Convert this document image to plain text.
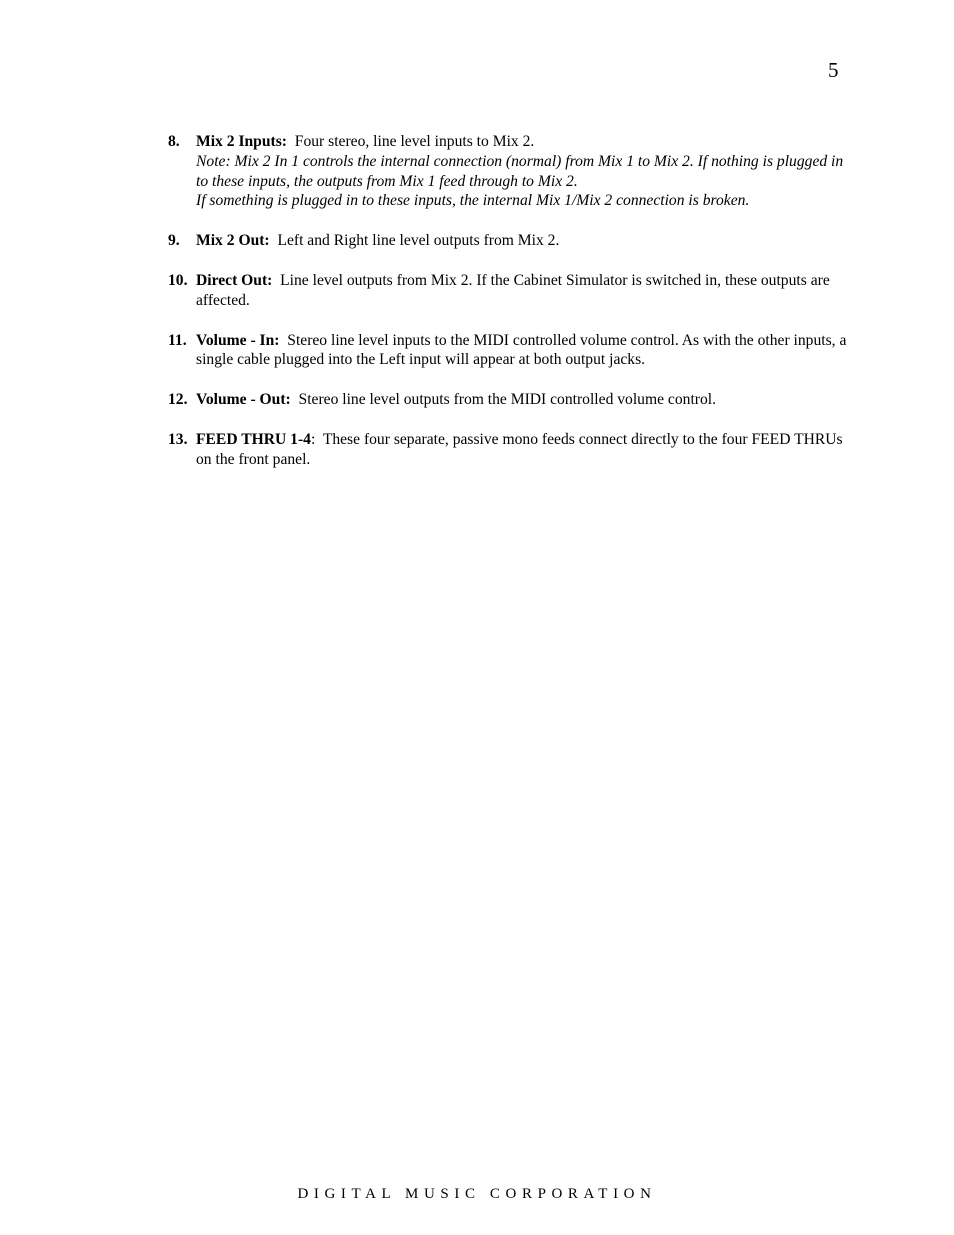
5
8. Mix 2 Inputs: Four stereo, line level inputs to Mix 2.
Note: Mix 2 In 1 controls the internal connection (normal) from Mix 1 to Mix 2. If nothing is plugged in to these inputs, the outputs from Mix 1 feed through to Mix 2.
If something is plugged in to these inputs, the internal Mix 1/Mix 2 connection is broken.
9. Mix 2 Out: Left and Right line level outputs from Mix 2.
10. Direct Out: Line level outputs from Mix 2. If the Cabinet Simulator is switched in, these outputs are affected.
11. Volume - In: Stereo line level inputs to the MIDI controlled volume control. As with the other inputs, a single cable plugged into the Left input will appear at both output jacks.
12. Volume - Out: Stereo line level outputs from the MIDI controlled volume control.
13. FEED THRU 1-4: These four separate, passive mono feeds connect directly to the four FEED THRUs on the front panel.
DIGITAL MUSIC CORPORATION
